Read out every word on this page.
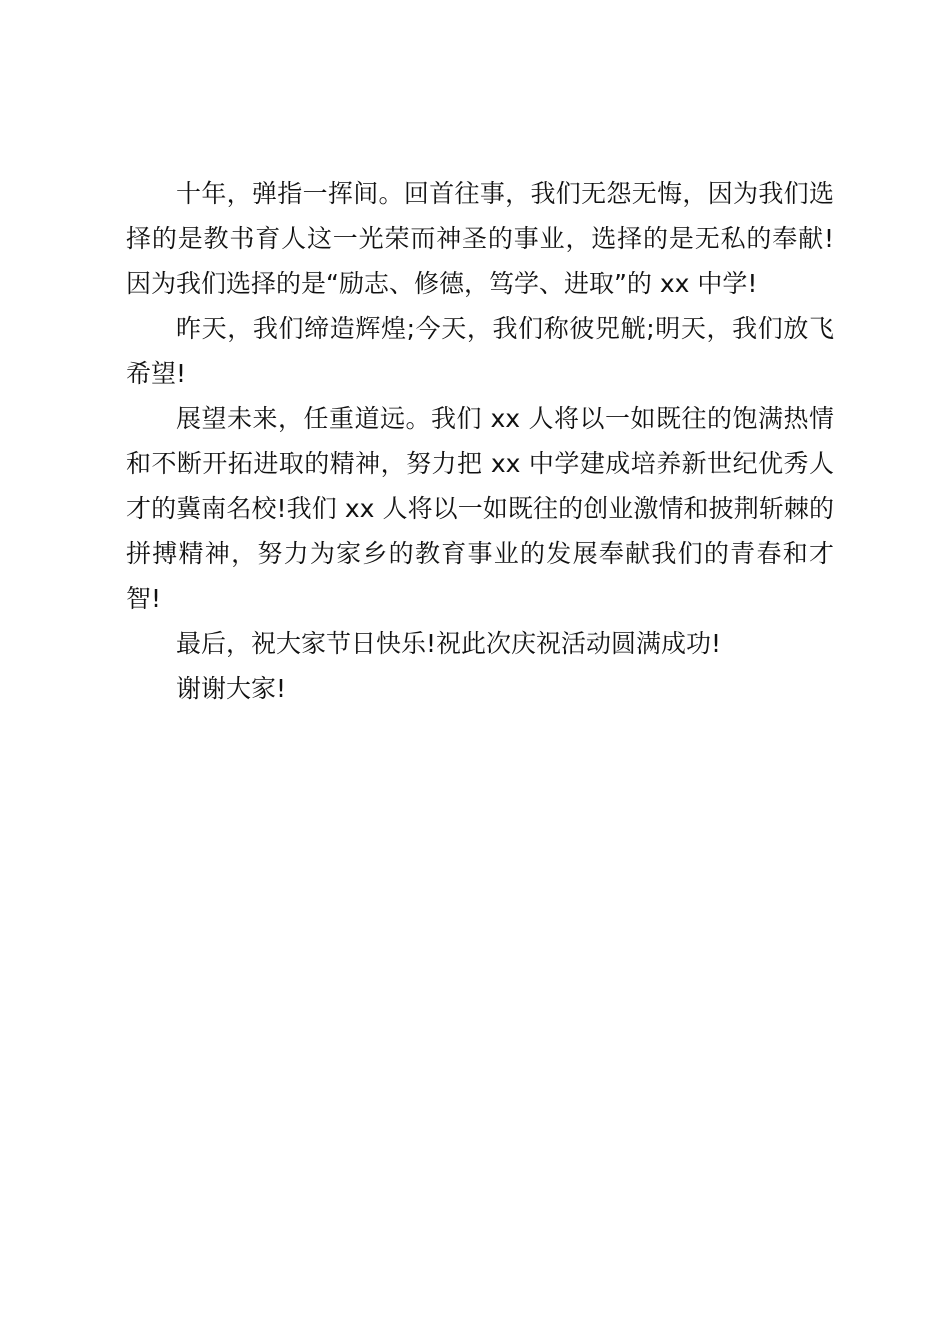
十年，弹指一挥间。回首往事，我们无怨无悔，因为我们选择的是教书育人这一光荣而神圣的事业，选择的是无私的奉献!因为我们选择的是“励志、修德，笃学、进取”的 xx 中学!

昨天，我们缔造辉煌;今天，我们称彼兕觥;明天，我们放飞希望!

展望未来，任重道远。我们 xx 人将以一如既往的饱满热情和不断开拓进取的精神，努力把 xx 中学建成培养新世纪优秀人才的冀南名校!我们 xx 人将以一如既往的创业激情和披荆斩棘的拼搏精神，努力为家乡的教育事业的发展奉献我们的青春和才智!

最后，祝大家节日快乐!祝此次庆祝活动圆满成功!

谢谢大家!
